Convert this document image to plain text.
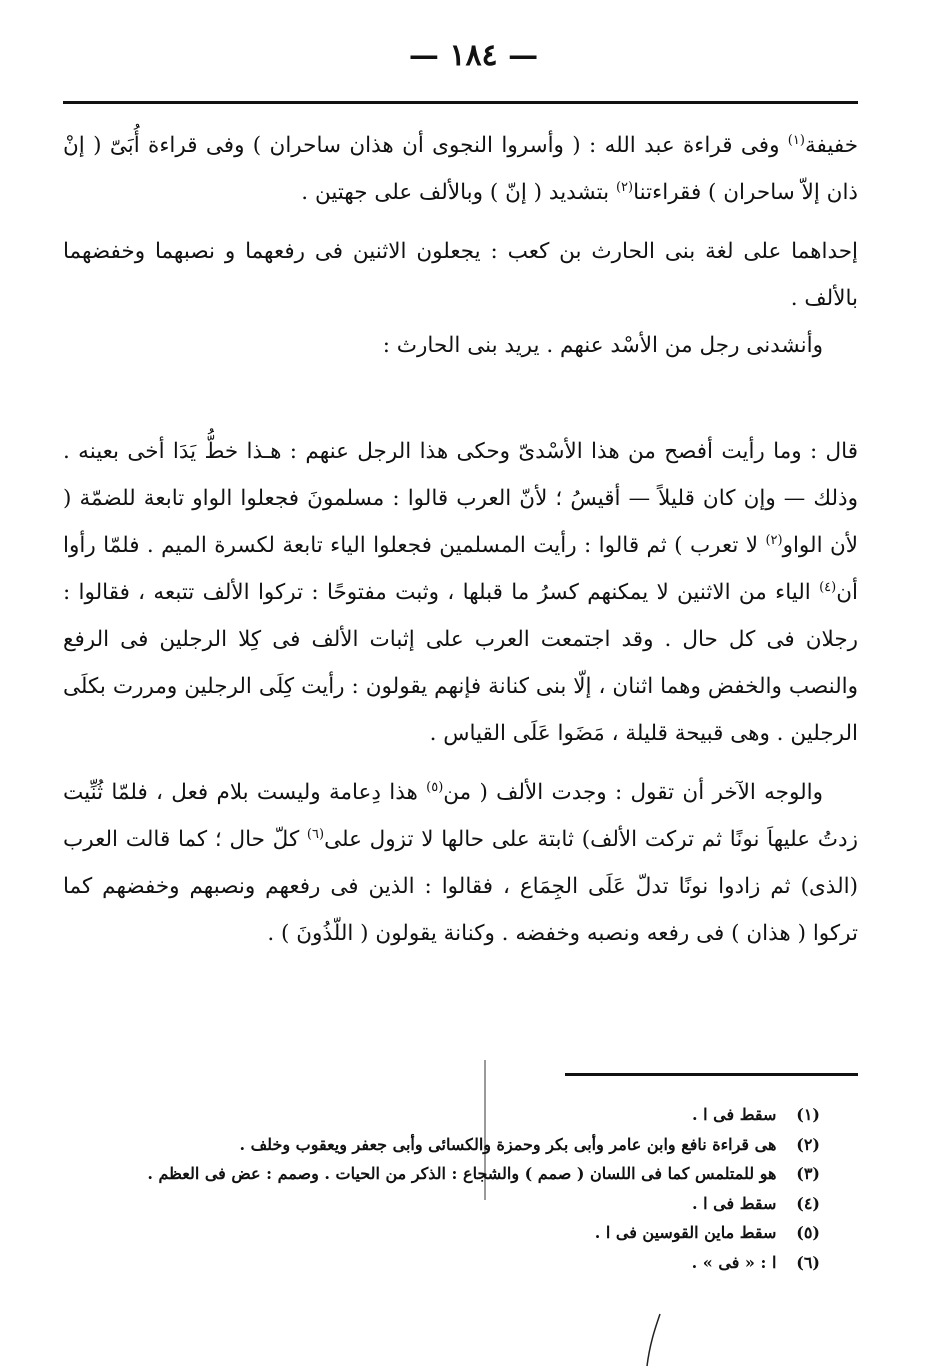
— ١٨٤ —

خفيفة$^{(١)}$ وفى قراءة عبد الله : ( وأسروا النجوى أن هذان ساحران ) وفى قراءة أُبَىّ ( إنْ ذان إلاّ ساحران ) فقراءتنا$^{(٢)}$ بتشديد ( إنّ ) وبالألف على جهتين .

إحداهما على لغة بنى الحارث بن كعب : يجعلون الاثنين فى رفعهما و نصبهما وخفضهما بالألف .

وأنشدنى رجل من الأسْد عنهم . يريد بنى الحارث :

قال : وما رأيت أفصح من هذا الأسْدىّ وحكى هذا الرجل عنهم : هـذا خطُّ يَدَا أخى بعينه . وذلك — وإن كان قليلاً — أقيسُ ؛ لأنّ العرب قالوا : مسلمونَ فجعلوا الواو تابعة للضمّة ( لأن الواو$^{(٢)}$ لا تعرب ) ثم قالوا : رأيت المسلمين فجعلوا الياء تابعة لكسرة الميم . فلمّا رأوا أن$^{(٤)}$ الياء من الاثنين لا يمكنهم كسرُ ما قبلها ، وثبت مفتوحًا : تركوا الألف تتبعه ، فقالوا : رجلان فى كل حال . وقد اجتمعت العرب على إثبات الألف فى كِلا الرجلين فى الرفع والنصب والخفض وهما اثنان ، إلّا بنى كنانة فإنهم يقولون : رأيت كِلَى الرجلين ومررت بكلَى الرجلين . وهى قبيحة قليلة ، مَضَوا عَلَى القياس .

والوجه الآخر أن تقول : وجدت الألف ( من$^{(٥)}$ هذا دِعامة وليست بلام فعل ، فلمّا ثُنِّيت زدتُ عليهاَ نونًا ثم تركت الألف) ثابتة على حالها لا تزول على$^{(٦)}$ كلّ حال ؛ كما قالت العرب (الذى) ثم زادوا نونًا تدلّ عَلَى الجِمَاع ، فقالوا : الذين فى رفعهم ونصبهم وخفضهم كما تركوا ( هذان ) فى رفعه ونصبه وخفضه . وكنانة يقولون ( اللّذُونَ ) .

(١) سقط فى ا .
(٢) هى قراءة نافع وابن عامر وأبى بكر وحمزة والكسائى وأبى جعفر ويعقوب وخلف .
(٣) هو للمتلمس كما فى اللسان ( صمم ) والشجاع : الذكر من الحيات . وصمم : عض فى العظم .
(٤) سقط فى ا .
(٥) سقط ماين القوسين فى ا .
(٦) ا : « فى » .
